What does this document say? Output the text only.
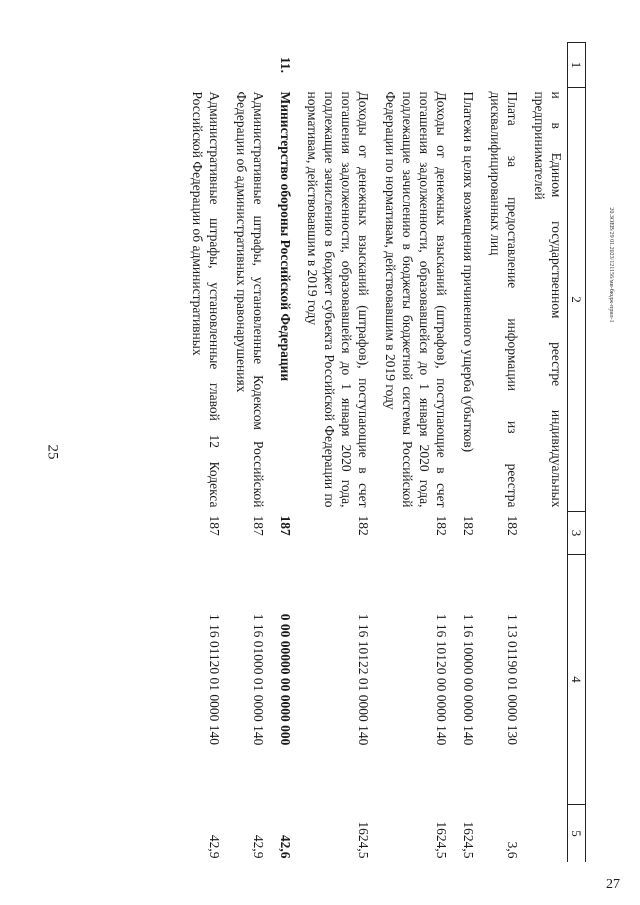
25
20.ЗОЕВ/29 01.2023/121156/ми-бюдж-прил-1
27
1	2	3	4	5
	и в Едином государственном реестре индивидуальных предпринимателей			
	Плата за предоставление информации из реестра дисквалифицированных лиц	182	1 13 01190 01 0000 130	3,6
	Платежи в целях возмещения причиненного ущерба (убытков)	182	1 16 10000 00 0000 140	1624,5
	Доходы от денежных взысканий (штрафов), поступающие в счет погашения задолженности, образовавшейся до 1 января 2020 года, подлежащие зачислению в бюджеты бюджетной системы Российской Федерации по нормативам, действовавшим в 2019 году	182	1 16 10120 00 0000 140	1624,5
	Доходы от денежных взысканий (штрафов), поступающие в счет погашения задолженности, образовавшейся до 1 января 2020 года, подлежащие зачислению в бюджет субъекта Российской Федерации по нормативам, действовавшим в 2019 году	182	1 16 10122 01 0000 140	1624,5
11.	Министерство обороны Российской Федерации	187	0 00 00000 00 0000 000	42,6
	Административные штрафы, установленные Кодексом Российской Федерации об административных правонарушениях	187	1 16 01000 01 0000 140	42,9
	Административные штрафы, установленные главой 12 Кодекса Российской Федерации об административных	187	1 16 01120 01 0000 140	42,9
